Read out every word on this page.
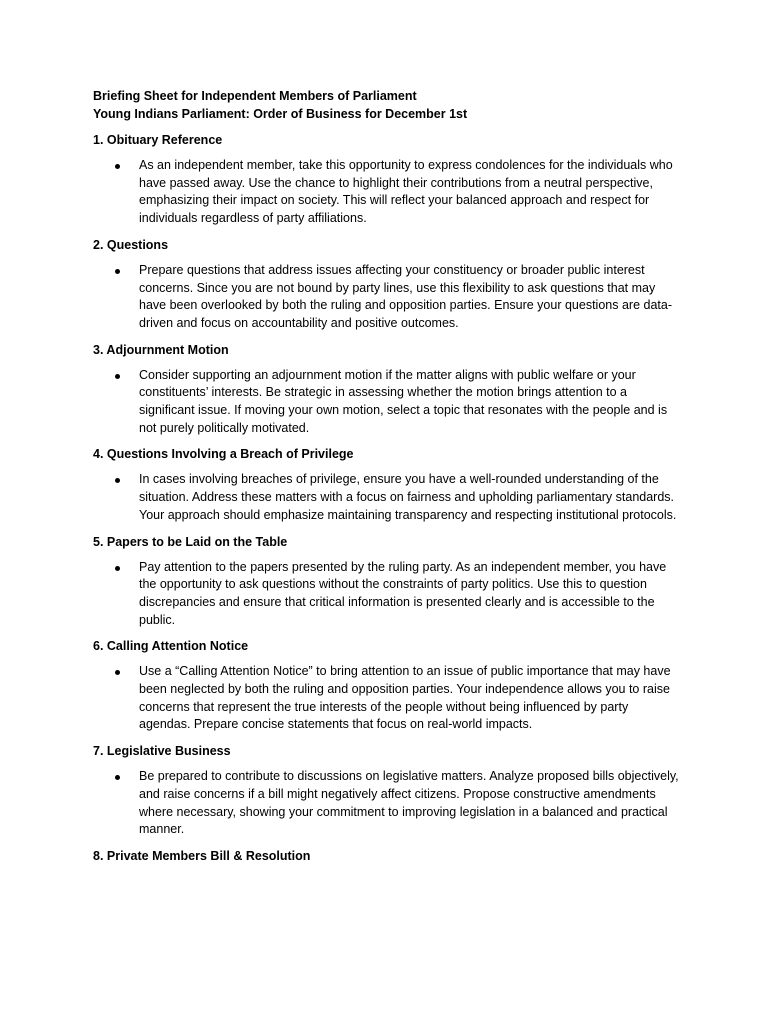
Briefing Sheet for Independent Members of Parliament
Young Indians Parliament: Order of Business for December 1st
1. Obituary Reference
As an independent member, take this opportunity to express condolences for the individuals who have passed away. Use the chance to highlight their contributions from a neutral perspective, emphasizing their impact on society. This will reflect your balanced approach and respect for individuals regardless of party affiliations.
2. Questions
Prepare questions that address issues affecting your constituency or broader public interest concerns. Since you are not bound by party lines, use this flexibility to ask questions that may have been overlooked by both the ruling and opposition parties. Ensure your questions are data-driven and focus on accountability and positive outcomes.
3. Adjournment Motion
Consider supporting an adjournment motion if the matter aligns with public welfare or your constituents’ interests. Be strategic in assessing whether the motion brings attention to a significant issue. If moving your own motion, select a topic that resonates with the people and is not purely politically motivated.
4. Questions Involving a Breach of Privilege
In cases involving breaches of privilege, ensure you have a well-rounded understanding of the situation. Address these matters with a focus on fairness and upholding parliamentary standards. Your approach should emphasize maintaining transparency and respecting institutional protocols.
5. Papers to be Laid on the Table
Pay attention to the papers presented by the ruling party. As an independent member, you have the opportunity to ask questions without the constraints of party politics. Use this to question discrepancies and ensure that critical information is presented clearly and is accessible to the public.
6. Calling Attention Notice
Use a “Calling Attention Notice” to bring attention to an issue of public importance that may have been neglected by both the ruling and opposition parties. Your independence allows you to raise concerns that represent the true interests of the people without being influenced by party agendas. Prepare concise statements that focus on real-world impacts.
7. Legislative Business
Be prepared to contribute to discussions on legislative matters. Analyze proposed bills objectively, and raise concerns if a bill might negatively affect citizens. Propose constructive amendments where necessary, showing your commitment to improving legislation in a balanced and practical manner.
8. Private Members Bill & Resolution
